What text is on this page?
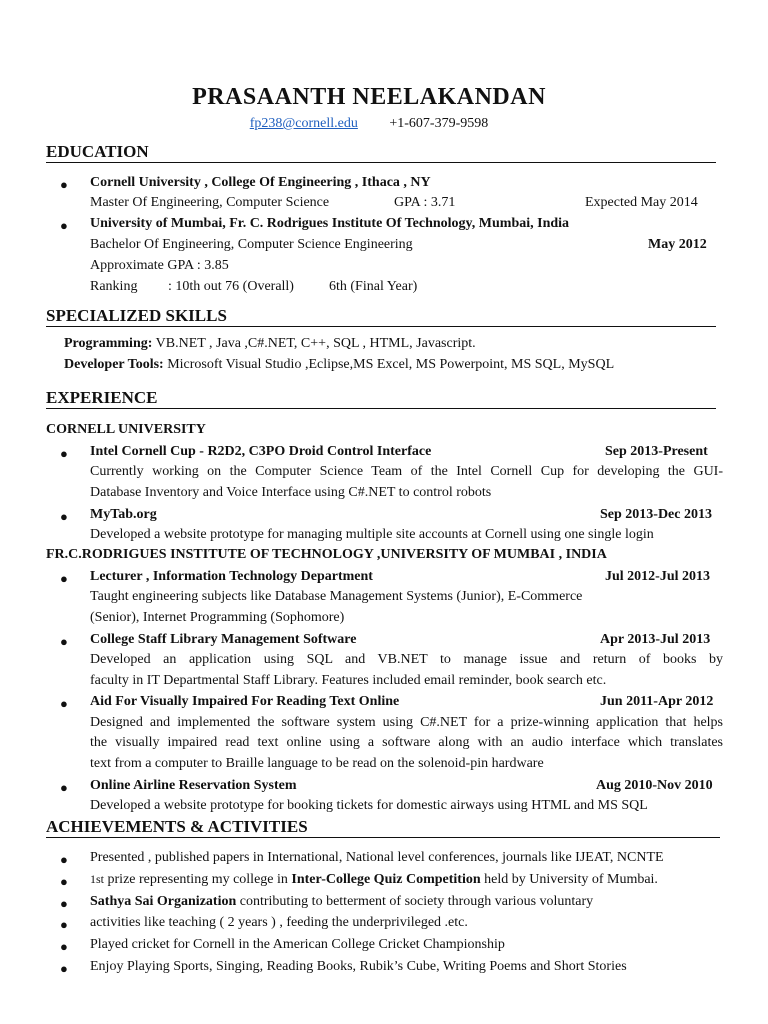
PRASAANTH NEELAKANDAN
fp238@cornell.edu +1-607-379-9598
EDUCATION
● Cornell University , College Of Engineering , Ithaca , NY
Master Of Engineering, Computer Science	GPA : 3.71	Expected May 2014
● University of Mumbai, Fr. C. Rodrigues Institute Of Technology, Mumbai, India
Bachelor Of Engineering, Computer Science Engineering	May 2012
Approximate GPA : 3.85
Ranking : 10th out 76 (Overall)	6th (Final Year)
SPECIALIZED SKILLS
Programming: VB.NET , Java ,C#.NET, C++, SQL , HTML, Javascript.
Developer Tools: Microsoft Visual Studio ,Eclipse,MS Excel, MS Powerpoint, MS SQL, MySQL
EXPERIENCE
CORNELL UNIVERSITY
● Intel Cornell Cup - R2D2, C3PO Droid Control Interface	Sep 2013-Present
Currently working on the Computer Science Team of the Intel Cornell Cup for developing the GUI-
Database Inventory and Voice Interface using C#.NET to control robots
● MyTab.org	Sep 2013-Dec 2013
Developed a website prototype for managing multiple site accounts at Cornell using one single login
FR.C.RODRIGUES INSTITUTE OF TECHNOLOGY ,UNIVERSITY OF MUMBAI , INDIA
● Lecturer , Information Technology Department	Jul 2012-Jul 2013
Taught engineering subjects like Database Management Systems (Junior), E-Commerce
(Senior), Internet Programming (Sophomore)
● College Staff Library Management Software	Apr 2013-Jul 2013
Developed an application using SQL and VB.NET to manage issue and return of books by
faculty in IT Departmental Staff Library. Features included email reminder, book search etc.
● Aid For Visually Impaired For Reading Text Online	Jun 2011-Apr 2012
Designed and implemented the software system using C#.NET for a prize-winning application that helps
the visually impaired read text online using a software along with an audio interface which translates
text from a computer to Braille language to be read on the solenoid-pin hardware
● Online Airline Reservation System	Aug 2010-Nov 2010
Developed a website prototype for booking tickets for domestic airways using HTML and MS SQL
ACHIEVEMENTS & ACTIVITIES
● Presented , published papers in International, National level conferences, journals like IJEAT, NCNTE
● 1st prize representing my college in Inter-College Quiz Competition held by University of Mumbai.
● Sathya Sai Organization contributing to betterment of society through various voluntary
● activities like teaching ( 2 years ) , feeding the underprivileged .etc.
● Played cricket for Cornell in the American College Cricket Championship
● Enjoy Playing Sports, Singing, Reading Books, Rubik’s Cube, Writing Poems and Short Stories
